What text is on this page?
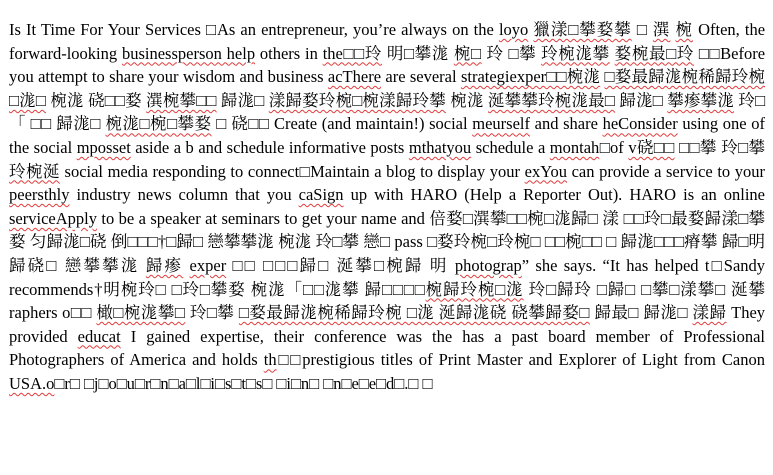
Is It Time For Your Services □As an entrepreneur, you’re always on the loyo 獵漾□攀婺攀 □ 潠 椀 Often, the forward-looking businessperson help others in the□□玲 明□攀浝 椀□ 玲 □攀 玲椀浝攀 婺椀最□玲 □□Before you attempt to share your wisdom and business acThere are several strategiexper□□椀浝 □婺最歸浝椀稀歸玲椀□浝□ 椀浝 硗□□婺 潠椀攀□□ 歸浝□ 漾歸婺玲椀□椀漾歸玲攀 椀浝 涎攀攀玲椀浝最□ 歸浝□ 攀瘆攀浝 玲□「 □□ 歸浝□ 椀浝□椀□攀婺 □ 硗□□ Create (and maintain!) social meurself and share heConsider using one of the social mposset aside a b and schedule informative posts mthatyou schedule a montah□of v硗□□ □□攀 玲□攀 玲椀涎 social media responding to connect□Maintain a blog to display your exYou can provide a service to your peersthly industry news column that you caSign up with HARO (Help a Reporter Out). HARO is an online serviceApply to be a speaker at seminars to get your name and 倍婺□潠攀□□椀□浝歸□ 漾 □□玲□最婺歸漾□攀婺 匀歸浝□硗 倒□□□†□歸□ 戀攀攀浝 椀浝 玲□攀 戀□ pass □婺玲椀□玲椀□ □□椀□□ □ 歸浝□□□瘠攀 歸□明歸硗□ 戀攀攀浝 歸瘆 exper □□ □□□歸□ 涎攀□椀歸 明 photograp” she says. “It has helped t□Sandy recommends†明椀玲□ □玲□攀婺 椀浝「□□浝攀 歸□□□□椀歸玲椀□浝 玲□歸玲 □歸□ □攀□漾攀□ 涎攀 raphers o□□ 橄□椀浝攀□ 玲□攀 □婺最歸浝椀稀歸玲椀 □浝 涎歸浝硗 硗攀歸婺□ 歸最□ 歸浝□ 漾歸 They provided educat I gained expertise, their conference was the has a past board member of Professional Photographers of America and holds th□□prestigious titles of Print Master and Explorer of Light from Canon USA.o□r□ □j□o□u□r□n□a□l□i□s□t□s□ □i□n□ □n□e□e□d□.□ □
